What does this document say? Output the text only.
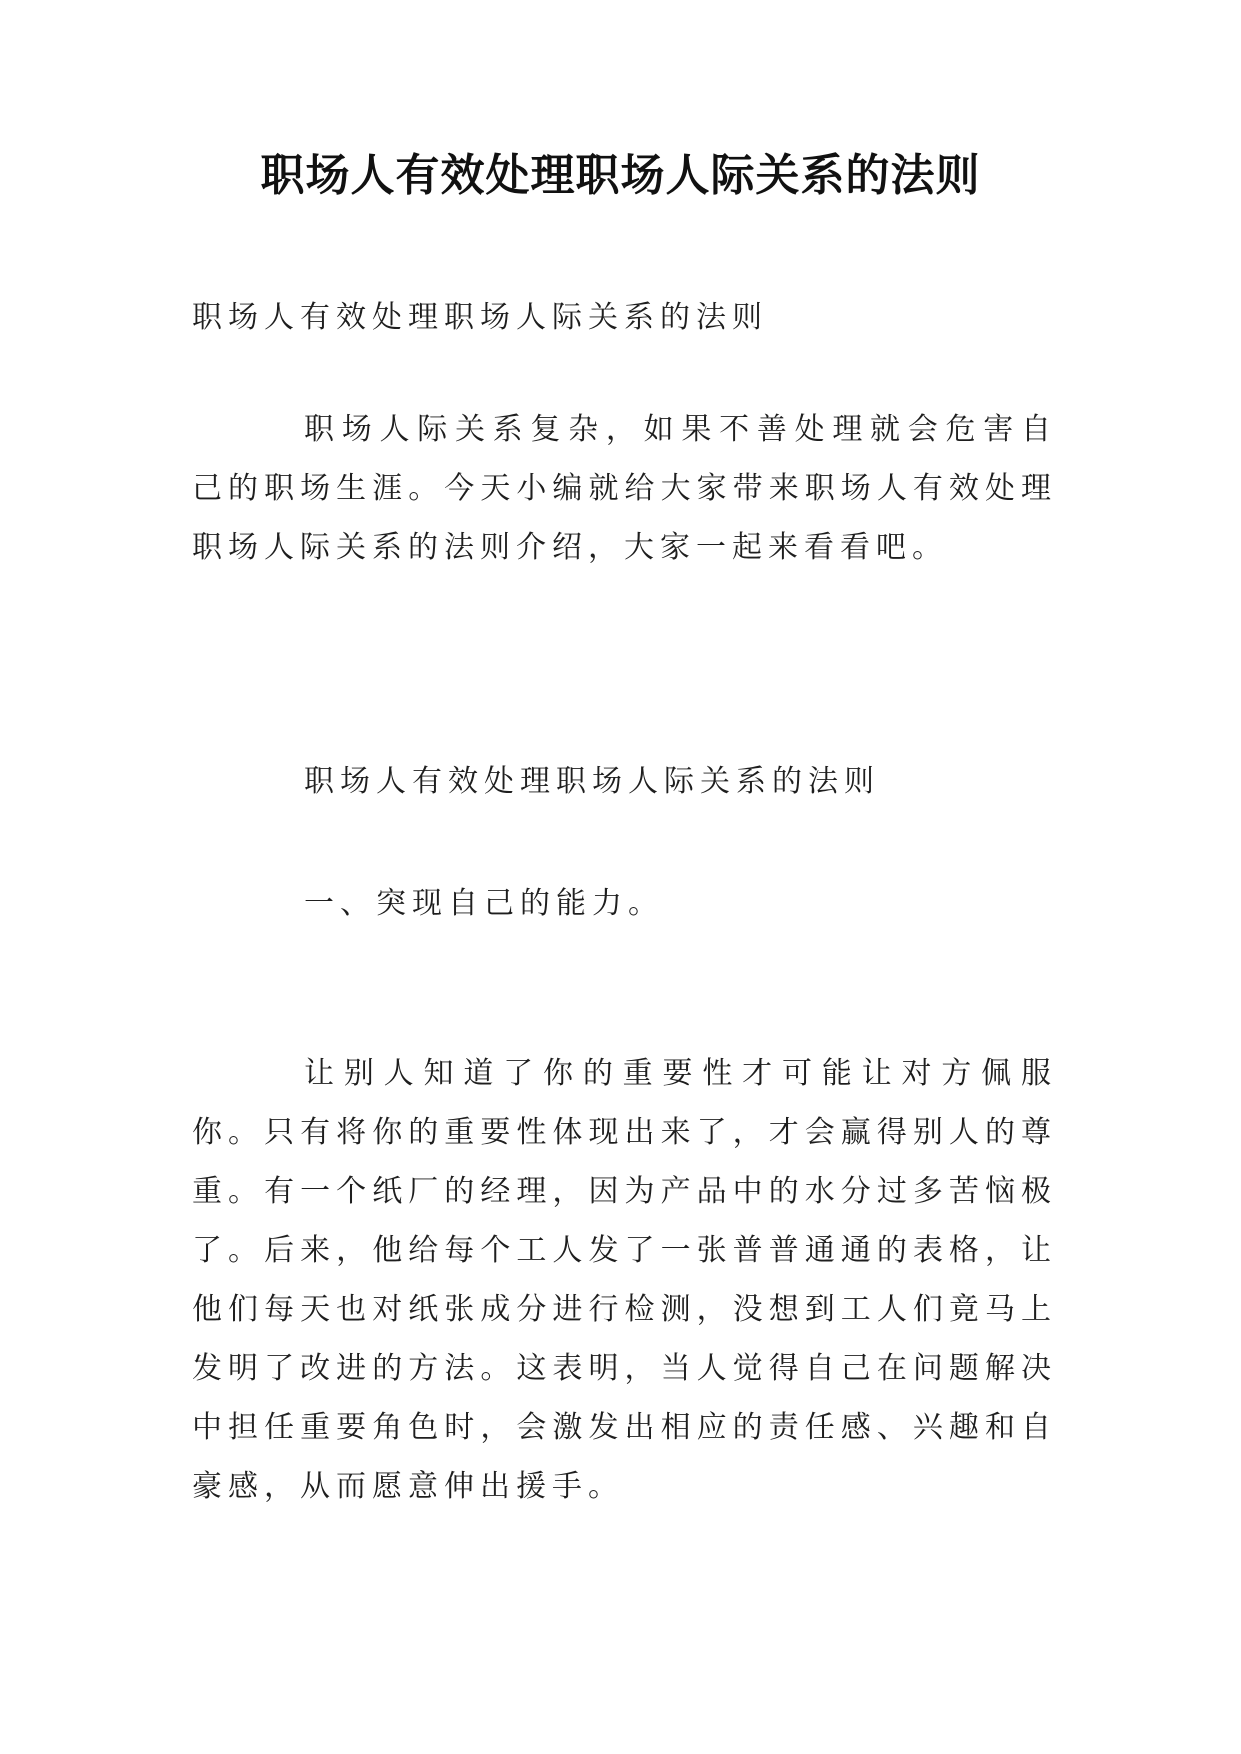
职场人有效处理职场人际关系的法则

职场人有效处理职场人际关系的法则

职场人际关系复杂，如果不善处理就会危害自己的职场生涯。今天小编就给大家带来职场人有效处理职场人际关系的法则介绍，大家一起来看看吧。

职场人有效处理职场人际关系的法则

一、突现自己的能力。

让别人知道了你的重要性才可能让对方佩服你。只有将你的重要性体现出来了，才会赢得别人的尊重。有一个纸厂的经理，因为产品中的水分过多苦恼极了。后来，他给每个工人发了一张普普通通的表格，让他们每天也对纸张成分进行检测，没想到工人们竟马上发明了改进的方法。这表明，当人觉得自己在问题解决中担任重要角色时，会激发出相应的责任感、兴趣和自豪感，从而愿意伸出援手。
